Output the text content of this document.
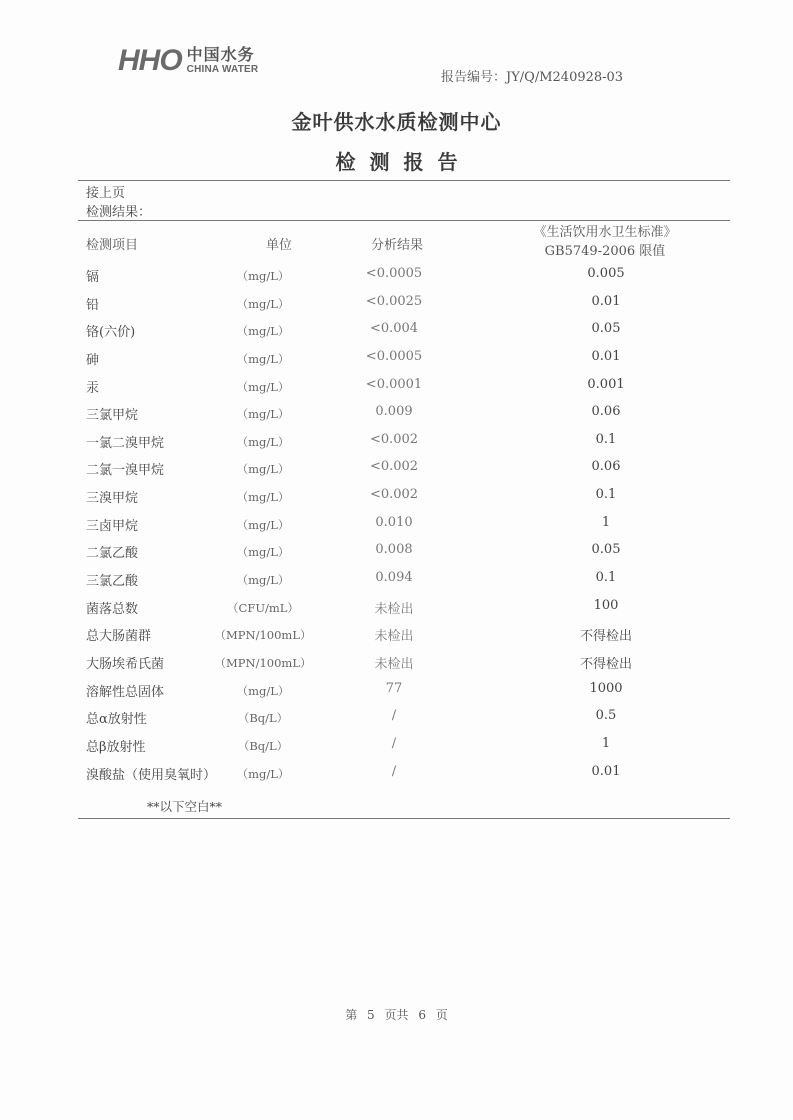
HHO 中国水务
CHINA WATER
报告编号：JY/Q/M240928-03
金叶供水水质检测中心
检测报告
接上页
检测结果：
检测项目	单位	分析结果
《生活饮用水卫生标准》
GB5749-2006 限值
镉	（mg/L）	<0.0005	0.005
铅	（mg/L）	<0.0025	0.01
铬(六价)	（mg/L）	<0.004	0.05
砷	（mg/L）	<0.0005	0.01
汞	（mg/L）	<0.0001	0.001
三氯甲烷	（mg/L）	0.009	0.06
一氯二溴甲烷	（mg/L）	<0.002	0.1
二氯一溴甲烷	（mg/L）	<0.002	0.06
三溴甲烷	（mg/L）	<0.002	0.1
三卤甲烷	（mg/L）	0.010	1
二氯乙酸	（mg/L）	0.008	0.05
三氯乙酸	（mg/L）	0.094	0.1
菌落总数	（CFU/mL）	未检出	100
总大肠菌群	（MPN/100mL）	未检出	不得检出
大肠埃希氏菌	（MPN/100mL）	未检出	不得检出
溶解性总固体	（mg/L）	77	1000
总α放射性	（Bq/L）	/	0.5
总β放射性	（Bq/L）	/	1
溴酸盐（使用臭氧时）	（mg/L）	/	0.01
**以下空白**
第 5 页共 6 页
